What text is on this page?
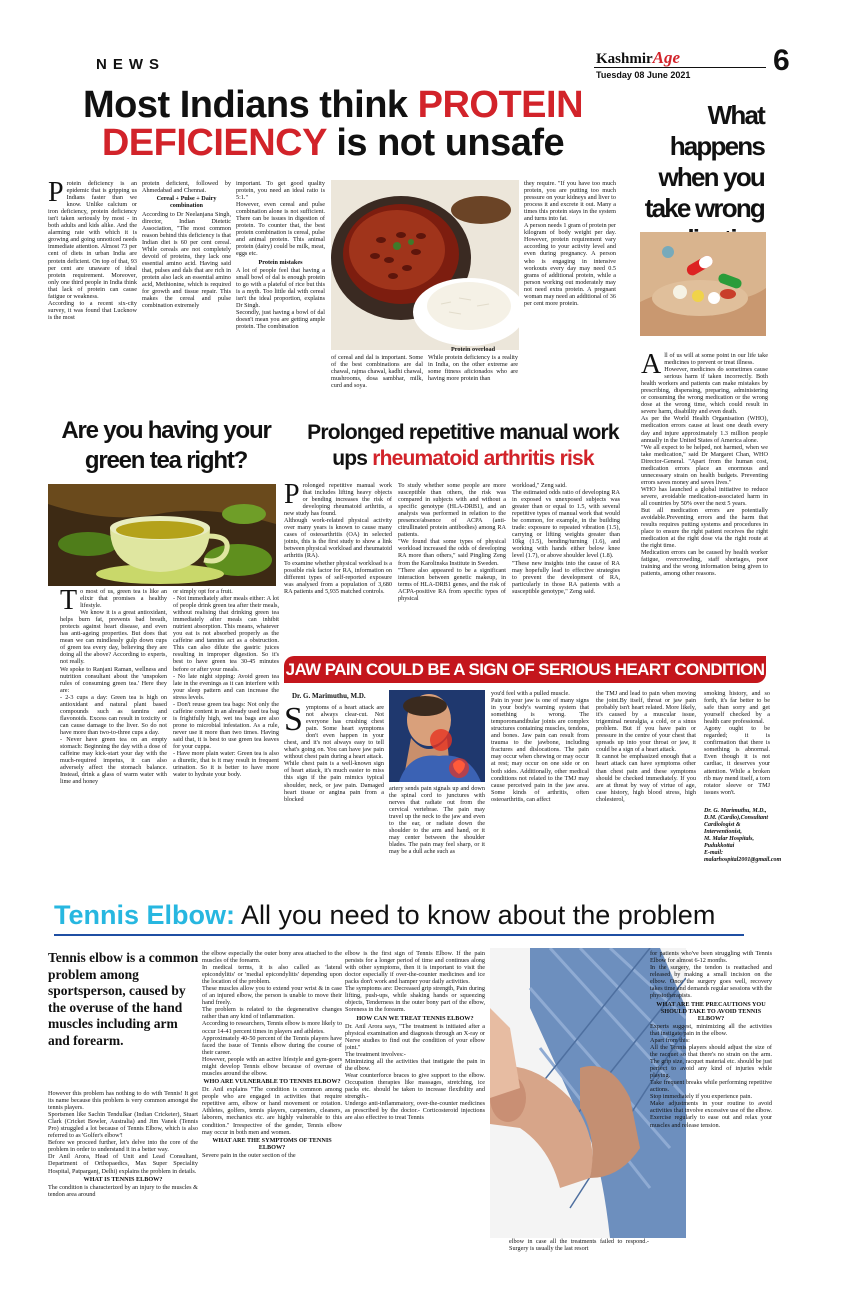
NEWS	KashmirAge
Tuesday 08 June 2021	6
Most Indians think PROTEIN
DEFICIENCY is not unsafe
Protein deficiency is an epidemic that is gripping us Indians faster than we know. Unlike calcium or iron deficiency, protein deficiency isn't taken seriously by most - in both adults and kids alike. And the alarming rate with which it is growing and going unnoticed needs immediate attention. Almost 73 per cent of diets in urban India are protein deficient. On top of that, 93 per cent are unaware of ideal protein requirement. Moreover, only one third people in India think that lack of protein can cause fatigue or weakness.
According to a recent six-city survey, it was found that Lucknow is the most

protein deficient, followed by Ahmedabad and Chennai.

Cereal + Pulse + Dairy combination

According to Dr Neelanjana Singh, director, Indian Dietetic Association, "The most common reason behind this deficiency is that Indian diet is 60 per cent cereal. While cereals are not completely devoid of proteins, they lack one essential amino acid. Having said that, pulses and dals that are rich in protein also lack an essential amino acid, Methionine, which is required for growth and tissue repair. This makes the cereal and pulse combination extremely

important. To get good quality protein, you need an ideal ratio is 5:1."
However, even cereal and pulse combination alone is not sufficient. There can be issues in digestion of protein. To counter that, the best protein combination is cereal, pulse and animal protein. This animal protein (dairy) could be milk, meat, eggs etc.

Protein mistakes

A lot of people feel that having a small bowl of dal is enough protein to go with a plateful of rice but this is a myth. Too little dal with cereal isn't the ideal proportion, explains Dr Singh.
Secondly, just having a bowl of dal doesn't mean you are getting ample protein. The combination

of cereal and dal is important. Some of the best combinations are dal chawal, rajma chawal, kadhi chawal, mushrooms, dosa sambhar, milk, curd and soya.

Protein overload

While protein deficiency is a reality in India, on the other extreme are some fitness aficionados who are having more protein than

they require. "If you have too much protein, you are putting too much pressure on your kidneys and liver to process it and excrete it out. Many a times this protein stays in the system and turns into fat.
A person needs 1 gram of protein per kilogram of body weight per day. However, protein requirement vary according to your activity level and even during pregnancy. A person who is engaging in intensive workouts every day may need 0.5 grams of additional protein, while a person working out moderately may not need extra protein. A pregnant woman may need an additional of 36 per cent more protein.

What happens
when you
take wrong
All of us will at some point in our life take medicines to prevent or treat illness.
However, medicines do sometimes cause serious harm if taken incorrectly. Both health workers and patients can make mistakes by prescribing, dispensing, preparing, administering or consuming the wrong medication or the wrong dose at the wrong time, which could result in severe harm, disability and even death.
As per the World Health Organisation (WHO), medication errors cause at least one death every day and injure approximately 1.3 million people annually in the United States of America alone.
"We all expect to be helped, not harmed, when we take medication," said Dr Margaret Chan, WHO Director-General. "Apart from the human cost, medication errors place an enormous and unnecessary strain on health budgets. Preventing errors saves money and saves lives."
WHO has launched a global initiative to reduce severe, avoidable medication-associated harm in all countries by 50% over the next 5 years.
But all medication errors are potentially avoidable.Preventing errors and the harm that results requires putting systems and procedures in place to ensure the right patient receives the right medication at the right dose via the right route at the right time.
Medication errors can be caused by health worker fatigue, overcrowding, staff shortages, poor training and the wrong information being given to patients, among other reasons.
Are you having your
green tea right?
To most of us, green tea is like an elixir that promises a healthy lifestyle.
We know it is a great antioxidant, helps burn fat, prevents bad breath, protects against heart disease, and even has anti-ageing properties. But does that mean we can mindlessly gulp down cups of green tea every day, believing they are doing all the above? According to experts, not really.
We spoke to Ranjani Raman, wellness and nutrition consultant about the 'unspoken rules of consuming green tea.' Here they are:
- 2-3 cups a day: Green tea is high on antioxidant and natural plant based compounds such as tannins and flavonoids. Excess can result in toxicity or can cause damage to the liver. So do not have more than two-to-three cups a day.
- Never have green tea on an empty stomach: Beginning the day with a dose of caffeine may kick-start your day with the much-required impetus, it can also adversely affect the stomach balance. Instead, drink a glass of warm water with lime and honey
or simply opt for a fruit.
- Not immediately after meals either: A lot of people drink green tea after their meals, without realising that drinking green tea immediately after meals can inhibit nutrient absorption. This means, whatever you eat is not absorbed properly as the caffeine and tannins act as a obstruction. This can also dilute the gastric juices resulting in improper digestion. So it's best to have green tea 30-45 minutes before or after your meals.
- No late night sipping: Avoid green tea late in the evenings as it can interfere with your sleep pattern and can increase the stress levels.
- Don't reuse green tea bags: Not only the caffeine content in an already used tea bag is frightfully high, wet tea bags are also prone to microbial infestation. As a rule, never use it more than two times. Having said that, it is best to use green tea leaves for your cuppa.
- Have more plain water: Green tea is also a diuretic, that is it may result in frequent urination. So it is better to have more water to hydrate your body.
Prolonged repetitive manual work
ups rheumatoid arthritis risk
Prolonged repetitive manual work that includes lifting heavy objects or bending increases the risk of developing rheumatoid arthritis, a new study has found.
Although work-related physical activity over many years is known to cause many cases of osteoarthritis (OA) in selected joints, this is the first study to show a link between physical workload and rheumatoid arthritis (RA).
To examine whether physical workload is a possible risk factor for RA, information on different types of self-reported exposure was analysed from a population of 3,680 RA patients and 5,935 matched controls.
To study whether some people are more susceptible than others, the risk was compared in subjects with and without a specific genotype (HLA-DRB1), and an analysis was performed in relation to the presence/absence of ACPA (anti-citrullinated protein antibodies) among RA patients.
"We found that some types of physical workload increased the odds of developing RA more than others," said Pingling Zeng from the Karolinska Institute in Sweden.
"There also appeared to be a significant interaction between genetic makeup, in terms of HLA-DRB1 genes, and the risk of ACPA-positive RA from specific types of physical
workload," Zeng said.
The estimated odds ratio of developing RA in exposed vs unexposed subjects was greater than or equal to 1.5, with several repetitive types of manual work that would be common, for example, in the building trade: exposure to repeated vibration (1.5), carrying or lifting weights greater than 10kg (1.5), bending/turning (1.6), and working with hands either below knee level (1.7), or above shoulder level (1.8).
"These new insights into the cause of RA may hopefully lead to effective strategies to prevent the development of RA, particularly in those RA patients with a susceptible genotype," Zeng said.
JAW PAIN COULD BE A SIGN OF SERIOUS HEART CONDITION
Dr. G. Marimuthu, M.D.
Symptoms of a heart attack are not always clear-cut. Not everyone has crushing chest pain. Some heart symptoms don't even happen in your chest, and it's not always easy to tell what's going on. You can have jaw pain without chest pain during a heart attack.
While chest pain is a well-known sign of heart attack, it's much easier to miss this sign if the pain mimics typical shoulder, neck, or jaw pain. Damaged heart tissue or angina pain from a blocked
artery sends pain signals up and down the spinal cord to junctures with nerves that radiate out from the cervical vertebrae. The pain may travel up the neck to the jaw and even to the ear, or radiate down the shoulder to the arm and hand, or it may center between the shoulder blades. The pain may feel sharp, or it may be a dull ache such as
you'd feel with a pulled muscle.
Pain in your jaw is one of many signs in your body's warning system that something is wrong. The temporomandibular joints are complex structures containing muscles, tendons, and bones. Jaw pain can result from trauma to the jawbone, including fractures and dislocations. The pain may occur when chewing or may occur at rest; may occur on one side or on both sides. Additionally, other medical conditions not related to the TMJ may cause perceived pain in the jaw area. Some kinds of arthritis, often osteoarthritis, can affect
the TMJ and lead to pain when moving the joint.By itself, throat or jaw pain probably isn't heart related. More likely, it's caused by a muscular issue, trigeminal neuralgia, a cold, or a sinus problem. But if you have pain or pressure in the centre of your chest that spreads up into your throat or jaw, it could be a sign of a heart attack.
It cannot be emphasized enough that a heart attack can have symptoms other than chest pain and these symptoms should be checked immediately. If you are at threat by way of virtue of age, case history, high blood stress, high cholesterol,
smoking history, and so forth, it's far better to be safe than sorry and get yourself checked by a health care professional.
Agony ought to be regarded; it is confirmation that there is something is abnormal. Even though it is not cardiac, it deserves your attention. While a broken rib may mend itself, a torn rotator sleeve or TMJ issues won't.
Dr. G. Marimuthu, M.D.,
D.M. (Cardio),Consultant
Cardiologist & Interventionist,
M. Malar Hospitals,
Pudukkottai
E-mail:
malarhospital2001@gmail.com
Tennis Elbow: All you need to know about the problem
Tennis elbow is a common problem among sportsperson, caused by the overuse of the hand muscles including arm and forearm.

However this problem has nothing to do with Tennis! It got its name because this problem is very common amongst the tennis players.
Sportsmen like Sachin Tendulkar (Indian Cricketer), Stuart Clark (Cricket Bowler, Australia) and Jim Vanek (Tennis Pro) struggled a lot because of Tennis Elbow, which is also referred to as 'Golfer's elbow'!
Before we proceed further, let's delve into the core of the problem in order to understand it in a better way.
Dr Anil Arora, Head of Unit and Lead Consultant, Department of Orthopaedics, Max Super Speciality Hospital, Patparganj, Delhi) explains the problem in details.

WHAT IS TENNIS ELBOW?

The condition is characterized by an injury to the muscles & tendon area around

the elbow especially the outer bony area attached to the muscles of the forearm.
In medical terms, it is also called as 'lateral epicondylitis' or 'medial epicondylitis' depending upon the location of the problem.
These muscles allow you to extend your wrist & in case of an injured elbow, the person is unable to move their hand freely.
The problem is related to the degenerative changes rather than any kind of inflammation.
According to researchers, Tennis elbow is more likely to occur 14-41 percent times in players and athletes.
Approximately 40-50 percent of the Tennis players have faced the issue of Tennis elbow during the course of their career.
However, people with an active lifestyle and gym-goers might develop Tennis elbow because of overuse of muscles around the elbow.

WHO ARE VULNERABLE TO TENNIS ELBOW?

Dr. Anil explains "The condition is common among people who are engaged in activities that require repetitive arm, elbow or hand movement or rotation. Athletes, golfers, tennis players, carpenters, cleaners, laborers, mechanics etc. are highly vulnerable to this condition." Irrespective of the gender, Tennis elbow may occur in both men and women.

WHAT ARE THE SYMPTOMS OF TENNIS ELBOW?

Severe pain in the outer section of the

elbow is the first sign of Tennis Elbow. If the pain persists for a longer period of time and continues along with other symptoms, then it is important to visit the doctor especially if over-the-counter medicines and ice packs don't work and hamper your daily activities.
The symptoms are: Decreased grip strength, Pain during lifting, push-ups, while shaking hands or squeezing objects, Tenderness in the outer bony part of the elbow, Soreness in the forearm.

HOW CAN WE TREAT TENNIS ELBOW?

Dr. Anil Arora says, "The treatment is initiated after a physical examination and diagnosis through an X-ray or Nerve studies to find out the condition of your elbow joint."
The treatment involves:-
Minimizing all the activities that instigate the pain in the elbow.
Wear counterforce braces to give support to the elbow. Occupation therapies like massages, stretching, ice packs etc. should be taken to increase flexibility and strength.-
Undergo anti-inflammatory, over-the-counter medicines as prescribed by the doctor.- Corticosteroid injections are also effective to treat Tennis

elbow in case all the treatments failed to respond.- Surgery is usually the last resort

for patients who've been struggling with Tennis Elbow for almost 6-12 months.
In the surgery, the tendon is reattached and released by making a small incision on the elbow. Once the surgery goes well, recovery takes time and demands regular sessions with the physiotherapists.

WHAT ARE THE PRECAUTIONS YOU SHOULD TAKE TO AVOID TENNIS ELBOW?

Experts suggest, minimizing all the activities that instigate pain in the elbow.
Apart from this:
All the Tennis players should adjust the size of the racquet so that there's no strain on the arm. The grip size, racquet material etc. should be just perfect to avoid any kind of injuries while playing.
Take frequent breaks while performing repetitive actions.
Stop immediately if you experience pain.
Make adjustments in your routine to avoid activities that involve excessive use of the elbow.
Exercise regularly to ease out and relax your muscles and release tension.
